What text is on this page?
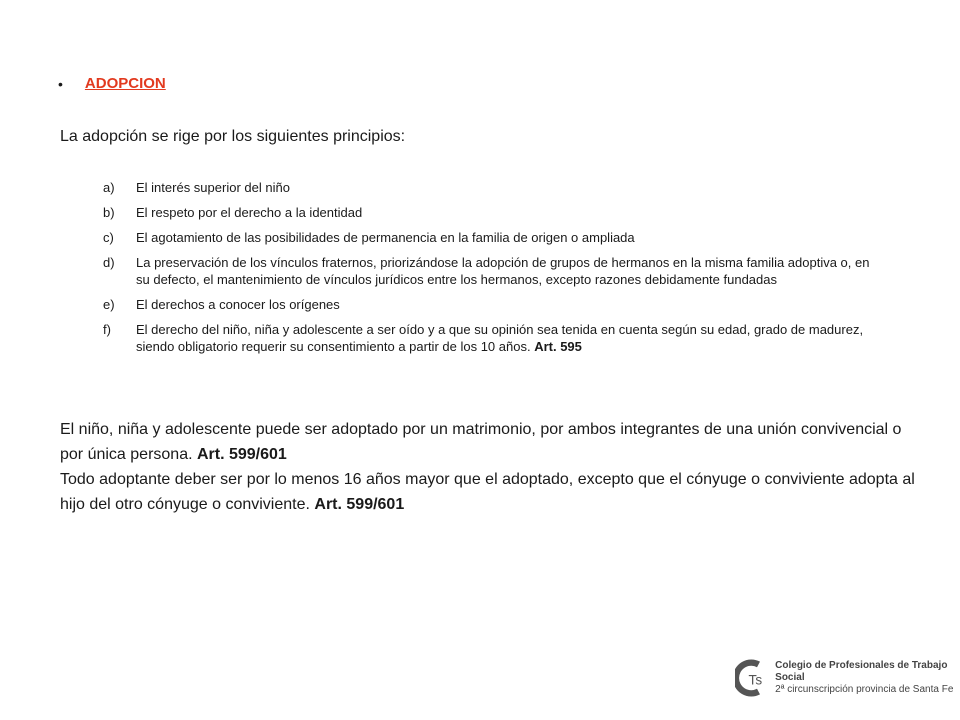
• ADOPCION
La adopción se rige por los siguientes principios:
a)	El interés superior del niño
b)	El respeto por el derecho a la identidad
c)	El agotamiento de las posibilidades de permanencia en la familia de origen o ampliada
d)	La preservación de los vínculos fraternos, priorizándose la adopción de grupos de hermanos en la misma familia adoptiva o, en su defecto, el mantenimiento de vínculos jurídicos entre los hermanos, excepto razones debidamente fundadas
e)	El derechos a conocer los orígenes
f)	El derecho del niño, niña y adolescente a ser oído y a que su opinión sea tenida en cuenta según su edad, grado de madurez, siendo obligatorio requerir su consentimiento a partir de los 10 años. Art. 595

El niño, niña y adolescente puede ser adoptado por un matrimonio, por ambos integrantes de una unión convivencial o por única persona. Art. 599/601
Todo adoptante deber ser por lo menos 16 años mayor que el adoptado, excepto que el cónyuge o conviviente adopta al hijo del otro cónyuge o conviviente. Art. 599/601

Ts
Colegio de Profesionales de Trabajo Social
2ª circunscripción provincia de Santa Fe
